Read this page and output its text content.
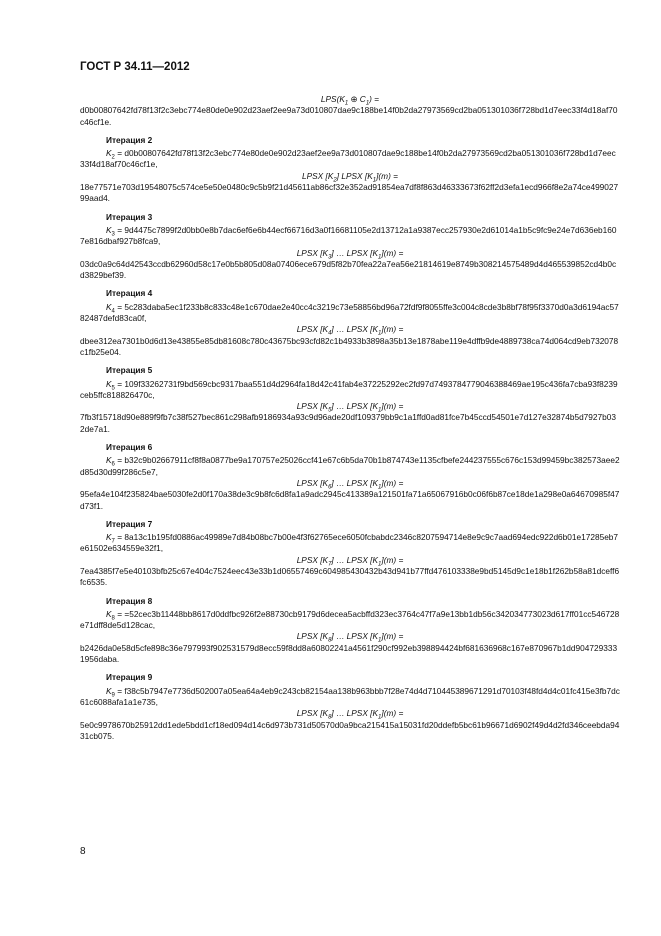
ГОСТ Р 34.11—2012

$LPS(K_1$ ⊕ $C_1$) =

d0b00807642fd78f13f2c3ebc774e80de0e902d23aef2ee9a73d010807dae9c188be14f0b2da27973569cd2ba051301036f728bd1d7eec33f4d18af70c46cf1e.

Итерация 2

$K_2 = d0b00807642fd78f13f2c3ebc774e80de0e902d23aef2ee9a73d010807dae9c188be14f0b2da27973569cd2ba051301036f728bd1d7eec33f4d18af7$0c46cf1e,

LPSX $[K_2]$ LPSX $[K_1](m)$ =

18e77571e703d19548075c574ce5e50e0480c9c5b9f21d45611ab86cf32e352ad91854ea7df8f863d46333673f62ff2d3efa1ecd966f8e2a74ce49902799aad4.

Итерация 3

$K_3$ = 9d4475c7899f2d0bb0e8b7dac6ef6e6b44ecf66716d3a0f16681105e2d13712a1a9387ecc257930e2d61014a1b5c9fc9e24e7d636eb1607e816dbaf927b8fca9,

LPSX $[K_3]$ … LPSX $[K_1](m)$ =

03dc0a9c64d42543ccdb62960d58c17e0b5b805d08a07406ece679d5f82b70fea22a7ea56e21814619e8749b308214575489d4d465539852cd4b0cd3829bef39.

Итерация 4

$K_4$ = 5c283daba5ec1f233b8c833c48e1c670dae2e40cc4c3219c73e58856bd96a72fdf9f8055ffe3c004c8cde3b8bf78f95f3370d0a3d6194ac5782487defd83ca0f,

LPSX $[K_4]$ … LPSX $[K_1](m)$ =

dbee312ea7301b0d6d13e43855e85db81608c780c43675bc93cfd82c1b4933b3898a35b13e1878abe119e4dffb9de4889738ca74d064cd9eb732078c1fb25e04.

Итерация 5

$K_5 = 109f33262731f9bd569cbc9317baa551d4d2964fa18d42c41fab4e37225292ec2fd97d7493784779046388469ae195c436fa7cba93f8239ceb5ffc81$8826470c,

LPSX $[K_5]$ … LPSX $[K_1](m)$ =

7fb3f15718d90e889f9fb7c38f527bec861c298afb9186934a93c9d96ade20df109379bb9c1a1ffd0ad81fce7b45ccd54501e7d127e32874b5d7927b032de7a1.

Итерация 6

$K_6$ = b32c9b02667911cf8f8a0877be9a170757e25026ccf41e67c6b5da70b1b874743e1135cfbefe244237555c676c153d99459bc382573aee2d85d30d99f286c5e7,

LPSX $[K_6]$ … LPSX $[K_1](m)$ =

95efa4e104f235824bae5030fe2d0f170a38de3c9b8fc6d8fa1a9adc2945c413389a121501fa71a65067916b0c06f6b87ce18de1a298e0a64670985f47d73f1.

Итерация 7

$K_7$ = 8a13c1b195fd0886ac49989e7d84b08bc7b00e4f3f62765ece6050fcbabdc2346c8207594714e8e9c9c7aad694edc922d6b01e17285eb7e61502e634559e32f1,

LPSX $[K_7]$ … LPSX $[K_1](m)$ =

7ea4385f7e5e40103bfb25c67e404c7524eec43e33b1d06557469c604985430432b43d941b77ffd476103338e9bd5145d9c1e18b1f262b58a81dceff6fc6535.

Итерация 8

$K_8$ = =52cec3b11448bb8617d0ddfbc926f2e88730cb9179d6decea5acbffd323ec3764c47f7a9e13bb1db56c342034773023d617ff01cc546728e71dff8de5d128cac,

LPSX $[K_8]$ … LPSX $[K_1](m)$ =

b2426da0e58d5cfe898c36e797993f902531579d8ecc59f8dd8a60802241a4561f290cf992eb398894424bf681636968c167e870967b1dd9047293331956daba.

Итерация 9

$K_9 = f38c5b7947e7736d502007a05ea64a4eb9c243cb82154aa138b963bbb7f28e74d4d710445389671291d70103f48fd4d4c01fc415e3fb7dc61c6088af$a1a1e735,

LPSX $[K_8]$ … LPSX $[K_1](m)$ =

5e0c9978670b25912dd1ede5bdd1cf18ed094d14c6d973b731d50570d0a9bca215415a15031fd20ddefb5bc61b96671d6902f49d4d2fd346ceebda9431cb075.

8
